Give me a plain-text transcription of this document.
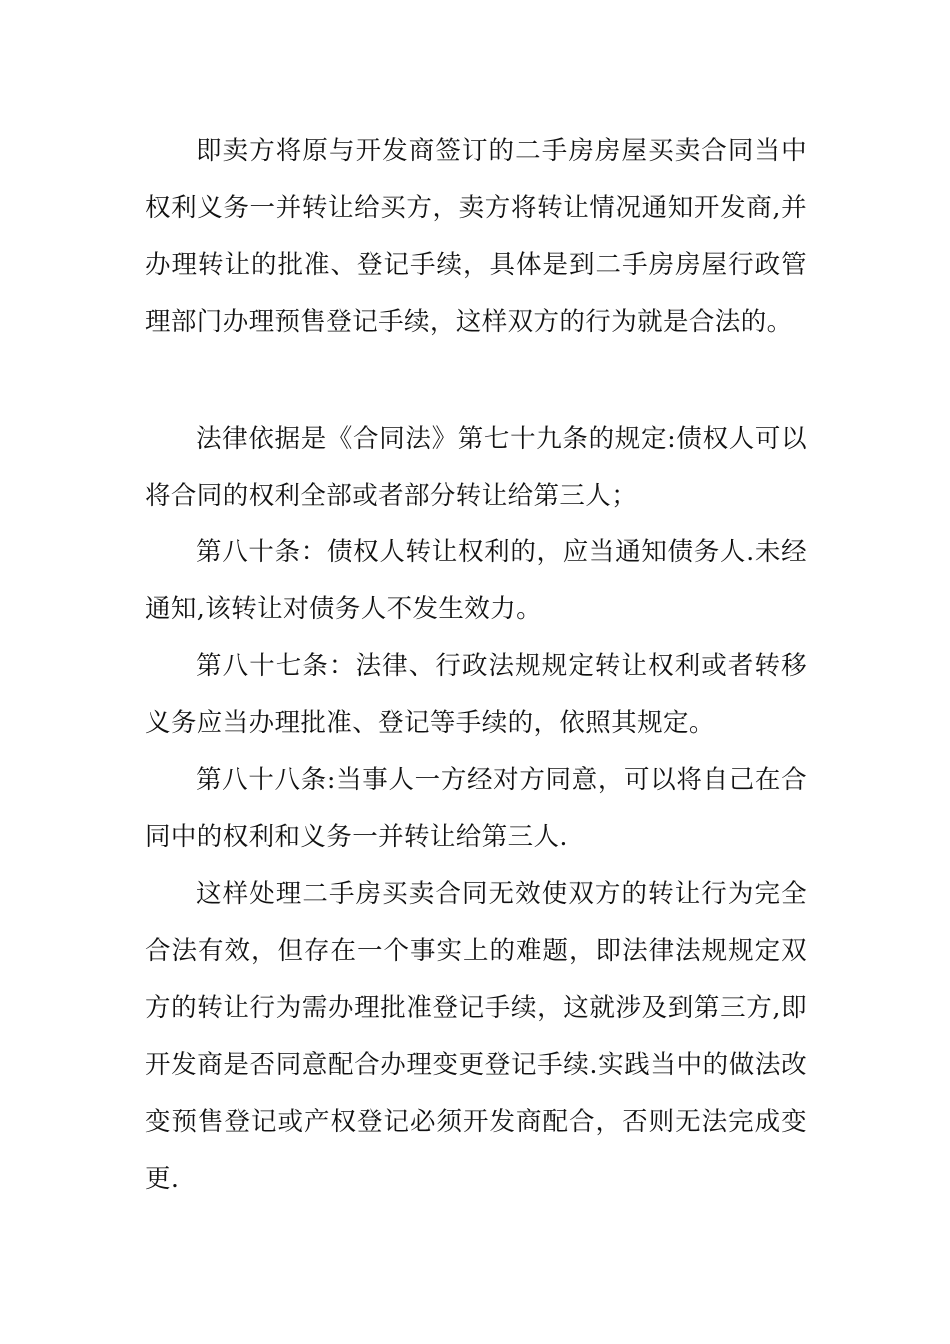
即卖方将原与开发商签订的二手房房屋买卖合同当中权利义务一并转让给买方，卖方将转让情况通知开发商,并办理转让的批准、登记手续，具体是到二手房房屋行政管理部门办理预售登记手续，这样双方的行为就是合法的。

法律依据是《合同法》第七十九条的规定:债权人可以将合同的权利全部或者部分转让给第三人；

第八十条：债权人转让权利的，应当通知债务人.未经通知,该转让对债务人不发生效力。

第八十七条：法律、行政法规规定转让权利或者转移义务应当办理批准、登记等手续的，依照其规定。

第八十八条:当事人一方经对方同意，可以将自己在合同中的权利和义务一并转让给第三人.

这样处理二手房买卖合同无效使双方的转让行为完全合法有效，但存在一个事实上的难题，即法律法规规定双方的转让行为需办理批准登记手续，这就涉及到第三方,即开发商是否同意配合办理变更登记手续.实践当中的做法改变预售登记或产权登记必须开发商配合，否则无法完成变更.
